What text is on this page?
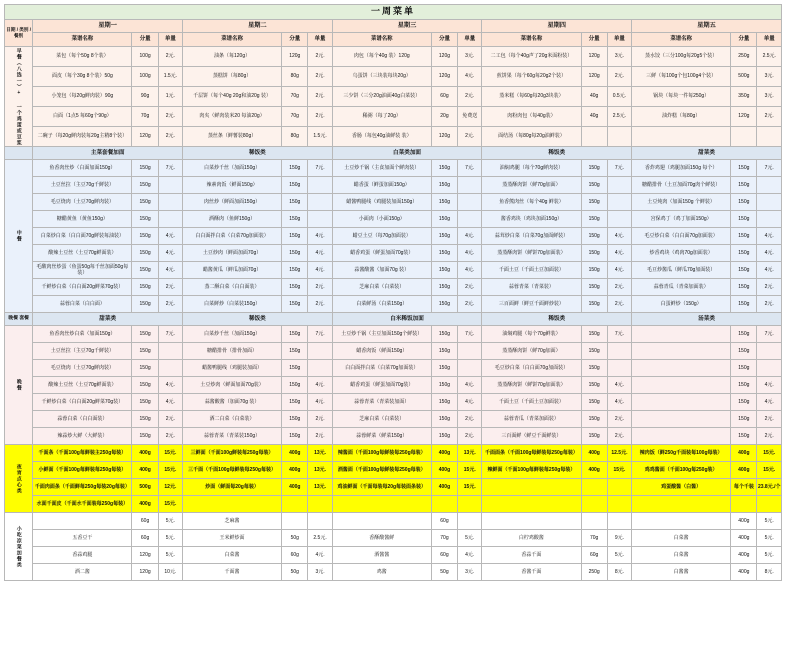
一周菜单															
日期 / 类别 / 餐别	星期一			星期二			星期三			星期四			星期五		
	菜谱名称	分量	单量	菜谱名称	分量	单量	菜谱名称	分量	单量	菜谱名称	分量	单量	菜谱名称	分量	单量
早餐（八选一）+ 一个鸡蛋或豆浆	菜包（每个50g 8个装）	100g	2元.	油条（每120g）	120g	2元.	肉包（每个40g 装）120g	120g	3元.	二工包（每个40g声了20g米面粉装）	120g	3元.	蒸水饺（三分100g每20g5个装）	250g	2.5元.
	面皮（每个30g 8个装）50g	100g	1.5元.	蒸糕饼（每80g）	80g	2元.	乌蛋饼（三块装每块20g）	120g	4元.	煎饼果（每个60g每20g2个装）	120g	2元.	三鲜（每100g个包100g4个装）	500g	3元.
	小笼包（每20g鲜肉装）90g	90g	1元.	千层饼（每个40g 20g和油20g 装）	70g	2元.	三少饼（三分20g油面40g白菜装）	60g	2元.	蒸米糕（每60g每20g3块装）	40g	0.5元.	锅块（每块一件每250g）	350g	3元.
	白面（1点5 每60g个90g）	70g	2元.	肉夹（鲜肉装米20 每油20g）	70g	2元.	稀粥（每了20g）	20g	免费送	肉粉肉包（每40g装）	40g	2.5元.	油炸糕（每80g）	120g	2元.
	二碗子（每20g鲜肉装每20g主精8个装）	120g	2元.	蒸丝条（鲜薯装80g）	80g	1.5元.	香肠（每包40g油鲜装 装）	120g	2元.	面结汤（每80g每20g油鲜装）					
	主菜套餐加面			稀饭类			白菜类加面			稀饭类			甜菜类		
中餐	鱼香肉丝炒（白面加面150g）	150g	7元.	白菜炒千丝（加面150g）	150g	7元.	土豆炒千锅（主食加面个鲜肉装）	150g	7元.	油焖鸡腿（每个70g鲜肉装）	150g	7元.	香炸鸡翅（鸡腿加面150g 每个）	150g	7元.
	土豆丝拉（主豆70g千鲜装）	150g		辣素肉饭（鲜面150g）	150g		蜡香蛋（鲜蛋加面150g）	150g		蒸蒸酥肉饼（鲜70g加面）	150g		糖醋排骨（土豆加面70g肉个鲜装）	150g	
	毛豆烧肉（土豆70g鲜肉装）	150g		肉丝炒（鲜面加面150g）	150g		蜡酱鸭腿线（鸡腿装加面150g）	150g		鱼香熊肉丝（每个40g 鲜装）	150g		土豆炖肉（加面150g 个鲜装）	150g	
	糖醋黄鱼（黄鱼150g）	150g		酒酥肉（鱼鲜150g）	150g		小面肉（小面150g）	150g		酱香鸡块（鸡块加面150g）	150g		宫保鸡丁（鸡丁加面150g）	150g	
	白菜炒白菜（白白面70g鲜装每油装）	150g	4元.	白白面拌白菜（白菜70g加面装）	150g	4元.	蜡豆土豆（每70g加面装）	150g	4元.	蒜茸炒白菜（白菜70g加面鲜装）	150g	4元.	毛豆炒白菜（白白面70g加面装）	150g	4元.
	酸辣土豆丝（土豆70g鲜面装）	150g	4元.	土豆炒肉（鲜面加面70g）	150g	4元.	蜡香鸡蛋（鲜蛋加面70g装）	150g	4元.	蒸蒸酥肉饼（鲜饼70g加面装）	150g	4元.	炒香鸡块（鸡肉70g加面装）	150g	4元.
	毛酸肉丝炒蛋（鱼蛋50g每千丝加面50g每装）	150g	4元.	蜡酱黄瓜（鲜瓜加面70g）	150g	4元.	蒜酱酸酱（加面70g 装）	150g	4元.	千面土豆（千面土豆加面装）	150g	4元.	毛豆炒酱瓜（鲜瓜70g加面装）	150g	4元.
	千鲜炒白菜（白白面20g鲜菜70g装）	150g	2元.	蒸二酥白菜（白白面装）	150g	2元.	芝麻白菜（白菜装）	150g	2元.	蒜蓉青菜（青菜装）	150g	2元.	蒜蓉青瓜（青菜加面装）	150g	2元.
	蒜蓉白菜（白白面）	150g	2元.	白菜鲜炒（白菜装150g）	150g	2元.	白菜鲜汤（白菜150g）	150g	2元.	三百面鲜（鲜豆千面鲜炒装）	150g	2元.	白蛋鲜炒（150g）	150g	2元.
晚餐 套餐	甜菜类			稀饭类			白米稀饭加面			稀饭类			汤菜类		
晚餐	鱼香肉丝炒白菜（加面150g）	150g	7元.	白菜炒千丝（加面150g）	150g	7元.	土豆炒千锅（主豆加面150g个鲜装）	150g	7元.	油焖鸡腿（每个70g鲜装）	150g	7元.		150g	7元.
	土豆丝拉（主豆70g千鲜装）	150g		糖醋排骨（排骨加面）	150g		蜡香肉饭（鲜面150g）	150g		蒸蒸酥肉饼（鲜70g加面）	150g			150g	
	毛豆烧肉（土豆70g鲜肉装）	150g		蜡酱鸭腿线（鸡腿装加面）	150g		白白面拌白菜（白菜70g加面装）	150g		毛豆炒白菜（白白面70g加面装）	150g			150g	
	酸辣土豆丝（土豆70g鲜面装）	150g	4元.	土豆炒肉（鲜面加面70g装）	150g	4元.	蜡香鸡蛋（鲜蛋加面70g装）	150g	4元.	蒸蒸酥肉饼（鲜饼70g加面装）	150g	4元.		150g	4元.
	千鲜炒白菜（白白面20g鲜菜70g装）	150g	4元.	蒜酱酸酱（加面70g 装）	150g	4元.	蒜蓉青菜（青菜装加面）	150g	4元.	千面土豆（千面土豆加面装）	150g	4元.		150g	4元.
	蒜蓉白菜（白白面装）	150g	2元.	酒二白菜（白菜装）	150g	2元.	芝麻白菜（白菜装）	150g	2元.	蒜蓉青瓜（青菜加面装）	150g	2元.		150g	2元.
	辣蒜炒大鲜（大鲜装）	150g	2元.	蒜蓉青菜（青菜装150g）	150g	2元.	蒜蓉鲜菜（鲜菜150g）	150g	2元.	三百面鲜（鲜豆千面鲜装）	150g	2元.		150g	2元.
夜宵点心类	千面条（千面100g每鲜装主250g每装）	400g	15元.	三鲜面（千面100g鲜装每250g每装）	400g	13元.	辣酱面（千面100g每鲜装每250g每装）	400g	13元.	千面面条（千面100g每鲜装每250g每装）	400g	12.5元.	辣肉饭（鲜250g千面装每100g每装）	400g	15元.
	小鲜面（千面100g每鲜装每250g每装）	400g	15元.	三千面（千面100g每鲜装每250g每装）	400g	13元.	酒酱面（千面100g每鲜装每250g每装）	400g	15元.	辣鲜面（千面100g每鲜装每250g每装）	400g	15元.	鸡鸡酱面（千面100g每250g装）	400g	15元.
	千面肉面条（千面鲜每250g每装20g每装）	500g	12元.	炒面（鲜面每20g每装）	400g	13元.	鸡油鲜面（千面每装每20g每装面条装）	400g	15元.				鸡蛋酸酱（白酱）	每个千装	23.8元./个
	水面千面皮（千面水千面装每250g每装）	400g	15元.												
小吃凉菜加餐类		60g	5元.	芝麻酱				60g						400g	5元.
	五香豆干	60g	5元.	王米鲜炒面	50g	2.5元.	香酥酸酱鲜	70g	5元.	白柠鸡酸酱	70g	9元.	白菜酱	400g	5元.
	香蒜鸡腿	120g	5元.	白菜酱	60g	4元.	酒酱酱	60g	4元.	香蒜千面	60g	5元.	白菜酱	400g	5元.
	酒二酱	120g	10元.	千面酱	50g	3元.	鸡酱	50g	3元.	香酱千面	250g	8元.	白酱酱	400g	8元.
